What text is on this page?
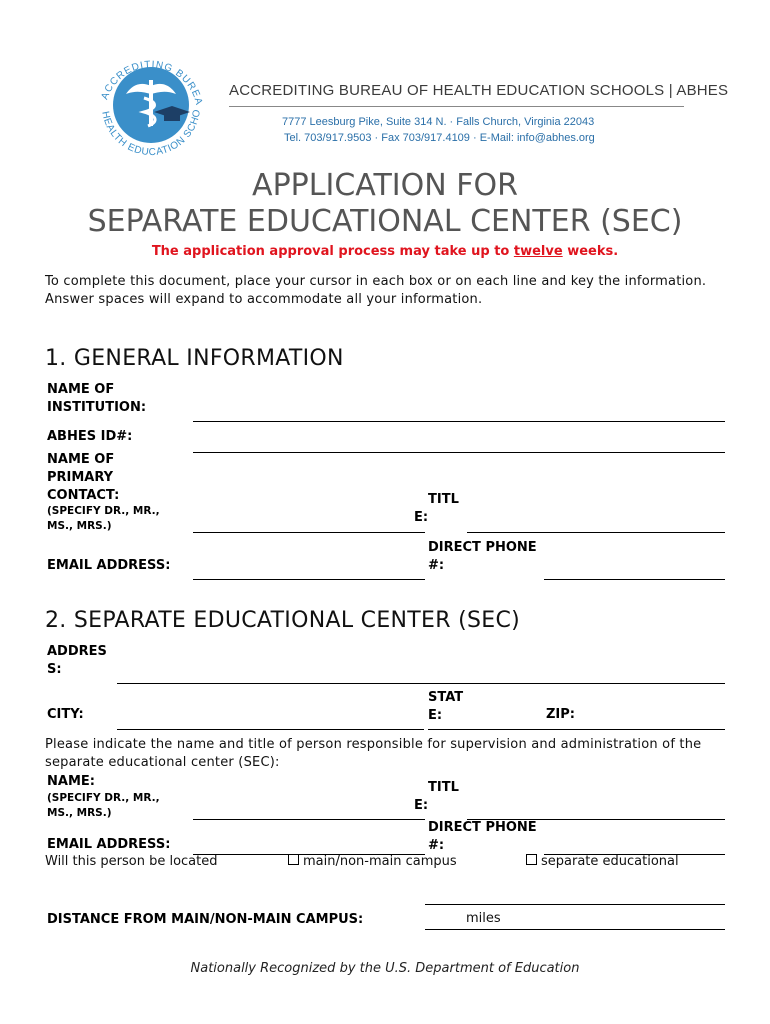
ACCREDITING BUREA
HEALTH EDUCATION SCHO
ACCREDITING BUREAU OF HEALTH EDUCATION SCHOOLS | ABHES
7777 Leesburg Pike, Suite 314 N. · Falls Church, Virginia 22043
Tel. 703/917.9503 · Fax 703/917.4109 · E-Mail: info@abhes.org
APPLICATION FOR
SEPARATE EDUCATIONAL CENTER (SEC)
The application approval process may take up to twelve weeks.
To complete this document, place your cursor in each box or on each line and key the information.
Answer spaces will expand to accommodate all your information.
1. GENERAL INFORMATION
NAME OF INSTITUTION:
ABHES ID#:
NAME OF PRIMARY CONTACT:
(SPECIFY DR., MR., MS., MRS.)
TITL
E:
EMAIL ADDRESS:
DIRECT PHONE
#:
2. SEPARATE EDUCATIONAL CENTER (SEC)
ADDRES
S:
CITY:
STAT
E:	ZIP:
Please indicate the name and title of person responsible for supervision and administration of the
separate educational center (SEC):
NAME:
(SPECIFY DR., MR., MS., MRS.)
TITL
E:
EMAIL ADDRESS:
DIRECT PHONE
#:
Will this person be located	main/non-main campus	separate educational
DISTANCE FROM MAIN/NON-MAIN CAMPUS:	miles
Nationally Recognized by the U.S. Department of Education
